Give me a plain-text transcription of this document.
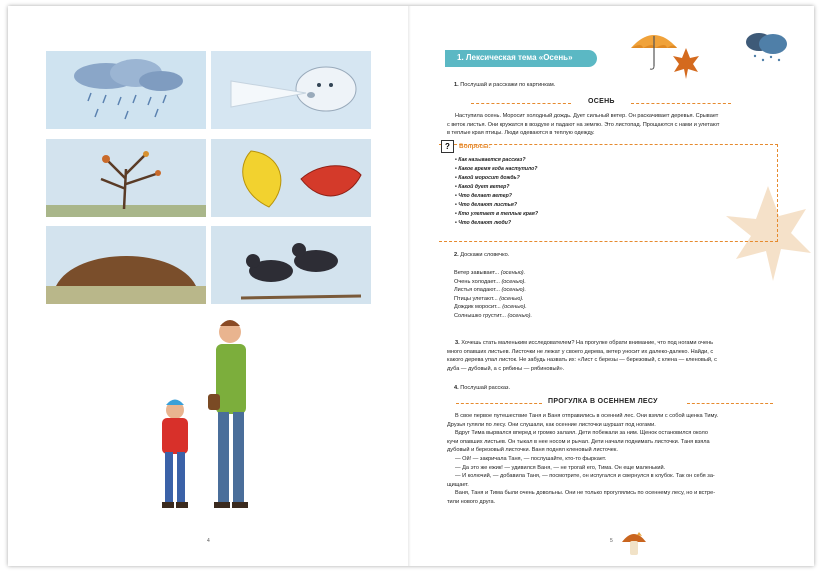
4
1. Лексическая тема «Осень»
1. Послушай и расскажи по картинкам.
ОСЕНЬ
Наступила осень. Моросит холодный дождь. Дует сильный ветер. Он раскачивает деревья. Срывает
с веток листья. Они кружатся в воздухе и падают на землю. Это листопад. Прощаются с нами и улетают
в теплые края птицы. Люди одеваются в теплую одежду.
?	Вопросы:
• Как называется рассказ?
• Какое время года наступило?
• Какой моросит дождь?
• Какой дует ветер?
• Что делает ветер?
• Что делают листья?
• Кто улетает в теплые края?
• Что делают люди?
2. Доскажи словечко.
Ветер завывает... (осенью).
Очень холодает... (осенью).
Листья опадают... (осенью).
Птицы улетают... (осенью).
Дождик моросит... (осенью).
Солнышко грустит... (осенью).
3. Хочешь стать маленьким исследователем? На прогулке обрати внимание, что под ногами очень
много опавших листьев. Листочки не лежат у своего дерева, ветер уносит их далеко-далеко. Найди, с
какого дерева упал листок. Не забудь назвать их: «Лист с березы — березовый, с клена — кленовый, с
дуба — дубовый, а с рябины — рябиновый».
4. Послушай рассказ.
ПРОГУЛКА В ОСЕННЕМ ЛЕСУ
В свое первое путешествие Таня и Ваня отправились в осенний лес. Они взяли с собой щенка Тиму.
Друзья гуляли по лесу. Они слушали, как осенние листочки шуршат под ногами.
Вдруг Тима вырвался вперед и громко залаял. Дети побежали за ним. Щенок остановился около
кучи опавших листьев. Он тыкал в нее носом и рычал. Дети начали поднимать листочки. Таня взяла
дубовый и березовый листочки. Ваня поднял кленовый листочек.
— Ой! — закричала Таня, — послушайте, кто-то фыркает.
— Да это же ежик! — удивился Ваня, — не трогай его, Тима. Он еще маленький.
— И колючий, — добавила Таня, — посмотрите, он испугался и свернулся в клубок. Так он себя за-
щищает.
Ваня, Таня и Тима были очень довольны. Они не только прогулялись по осеннему лесу, но и встре-
тили нового друга.
5
